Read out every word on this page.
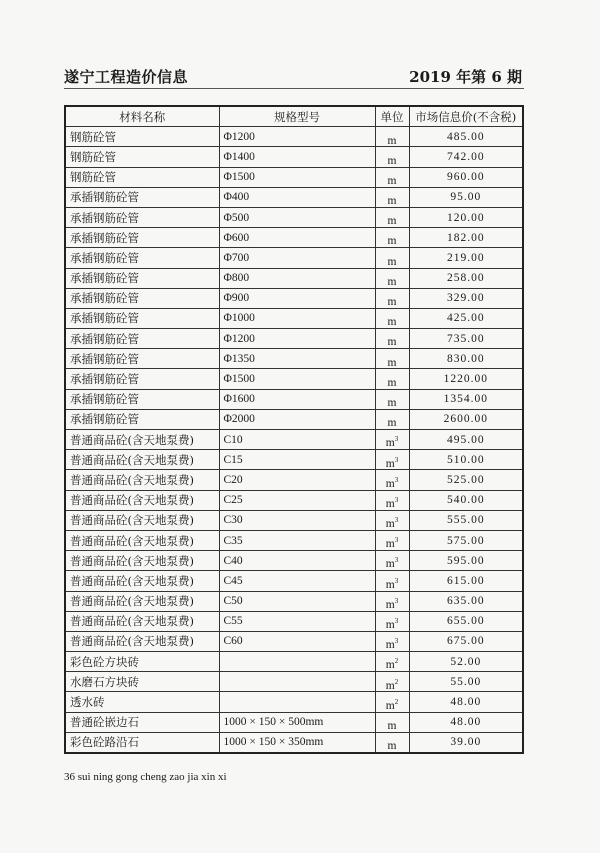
遂宁工程造价信息	2019 年第 6 期
材料名称	规格型号	单位	市场信息价(不含税)
钢筋砼管	Φ1200	m	485.00
钢筋砼管	Φ1400	m	742.00
钢筋砼管	Φ1500	m	960.00
承插钢筋砼管	Φ400	m	95.00
承插钢筋砼管	Φ500	m	120.00
承插钢筋砼管	Φ600	m	182.00
承插钢筋砼管	Φ700	m	219.00
承插钢筋砼管	Φ800	m	258.00
承插钢筋砼管	Φ900	m	329.00
承插钢筋砼管	Φ1000	m	425.00
承插钢筋砼管	Φ1200	m	735.00
承插钢筋砼管	Φ1350	m	830.00
承插钢筋砼管	Φ1500	m	1220.00
承插钢筋砼管	Φ1600	m	1354.00
承插钢筋砼管	Φ2000	m	2600.00
普通商品砼(含天地泵费)	C10	$m^3$	495.00
普通商品砼(含天地泵费)	C15	$m^3$	510.00
普通商品砼(含天地泵费)	C20	$m^3$	525.00
普通商品砼(含天地泵费)	C25	$m^3$	540.00
普通商品砼(含天地泵费)	C30	$m^3$	555.00
普通商品砼(含天地泵费)	C35	$m^3$	575.00
普通商品砼(含天地泵费)	C40	$m^3$	595.00
普通商品砼(含天地泵费)	C45	$m^3$	615.00
普通商品砼(含天地泵费)	C50	$m^3$	635.00
普通商品砼(含天地泵费)	C55	$m^3$	655.00
普通商品砼(含天地泵费)	C60	$m^3$	675.00
彩色砼方块砖		$m^2$	52.00
水磨石方块砖		$m^2$	55.00
透水砖		$m^2$	48.00
普通砼嵌边石	1000 × 150 × 500mm	m	48.00
彩色砼路沿石	1000 × 150 × 350mm	m	39.00
36 sui ning gong cheng zao jia xin xi
